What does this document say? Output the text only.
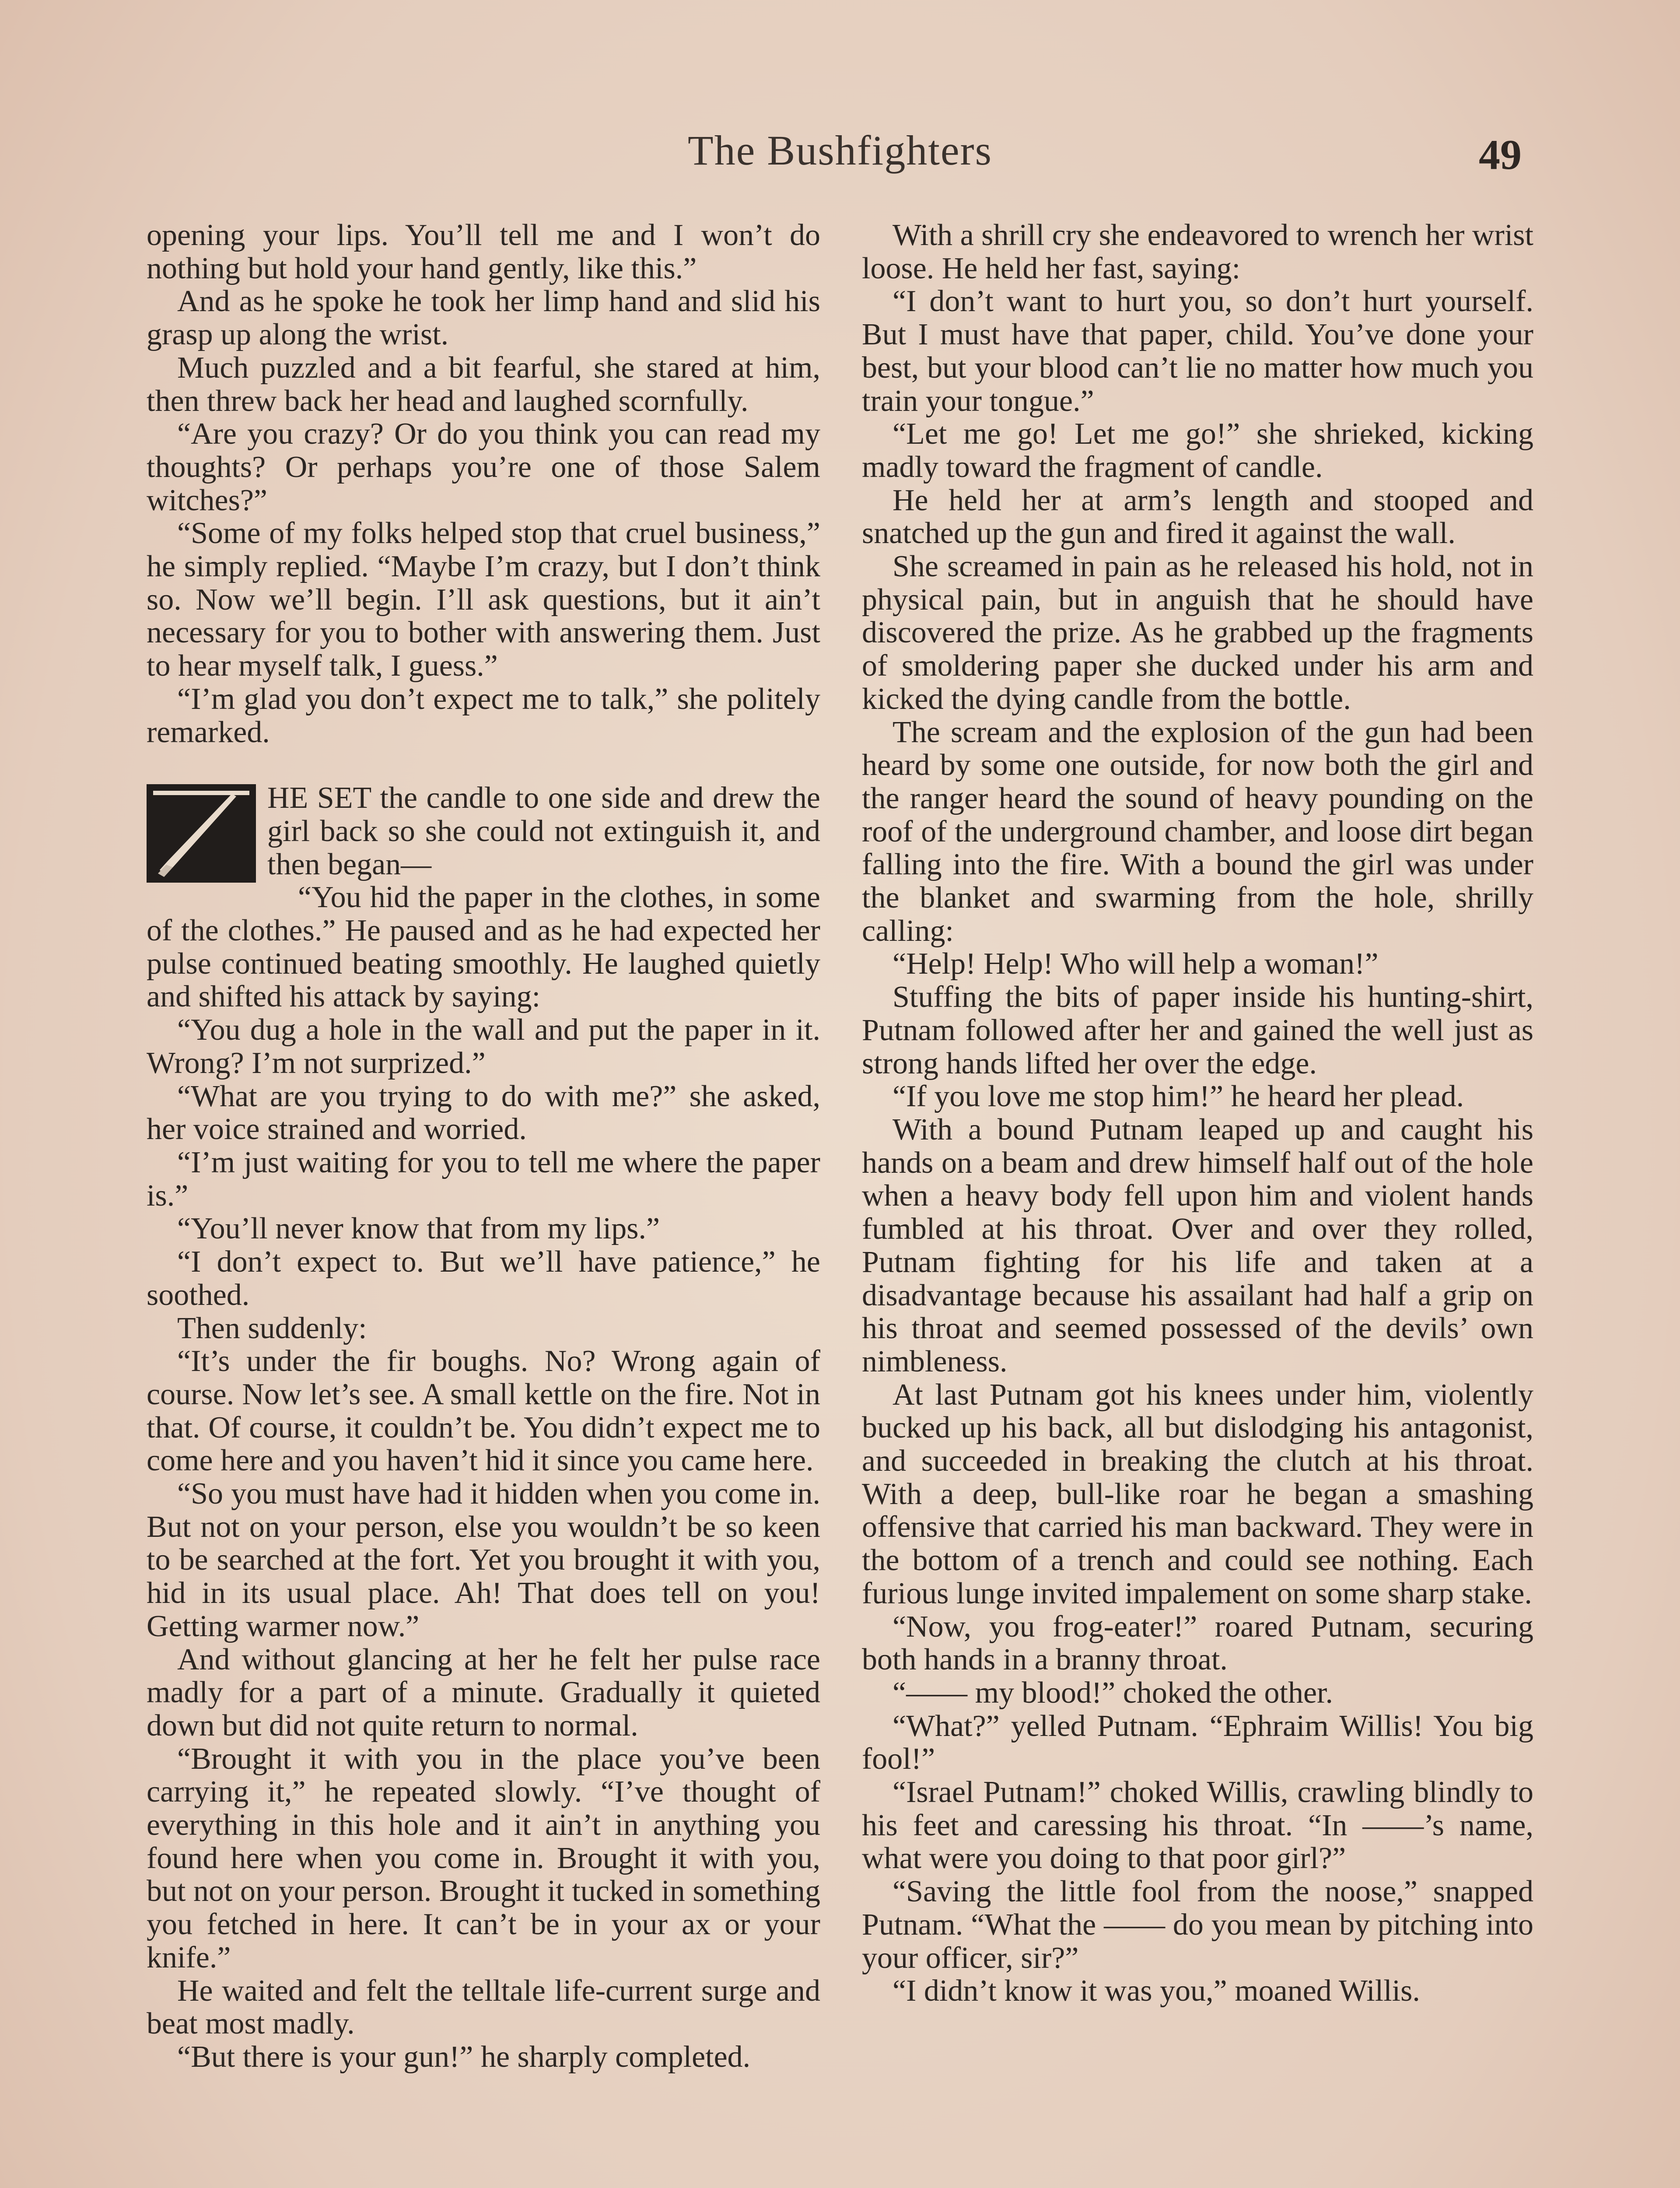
The Bushfighters	49

opening your lips. You’ll tell me and I won’t do nothing but hold your hand gently, like this.”

And as he spoke he took her limp hand and slid his grasp up along the wrist.

Much puzzled and a bit fearful, she stared at him, then threw back her head and laughed scornfully.

“Are you crazy? Or do you think you can read my thoughts? Or perhaps you’re one of those Salem witches?”

“Some of my folks helped stop that cruel business,” he simply replied. “Maybe I’m crazy, but I don’t think so. Now we’ll begin. I’ll ask questions, but it ain’t necessary for you to bother with answering them. Just to hear myself talk, I guess.”

“I’m glad you don’t expect me to talk,” she politely remarked.

HE SET the candle to one side and drew the girl back so she could not extinguish it, and then began—

“You hid the paper in the clothes, in some of the clothes.” He paused and as he had expected her pulse continued beating smoothly. He laughed quietly and shifted his attack by saying:

“You dug a hole in the wall and put the paper in it. Wrong? I’m not surprized.”

“What are you trying to do with me?” she asked, her voice strained and worried.

“I’m just waiting for you to tell me where the paper is.”

“You’ll never know that from my lips.”

“I don’t expect to. But we’ll have patience,” he soothed.

Then suddenly:

“It’s under the fir boughs. No? Wrong again of course. Now let’s see. A small kettle on the fire. Not in that. Of course, it couldn’t be. You didn’t expect me to come here and you haven’t hid it since you came here.

“So you must have had it hidden when you come in. But not on your person, else you wouldn’t be so keen to be searched at the fort. Yet you brought it with you, hid in its usual place. Ah! That does tell on you! Getting warmer now.”

And without glancing at her he felt her pulse race madly for a part of a minute. Gradually it quieted down but did not quite return to normal.

“Brought it with you in the place you’ve been carrying it,” he repeated slowly. “I’ve thought of everything in this hole and it ain’t in anything you found here when you come in. Brought it with you, but not on your person. Brought it tucked in something you fetched in here. It can’t be in your ax or your knife.”

He waited and felt the telltale life-current surge and beat most madly.

“But there is your gun!” he sharply completed.

With a shrill cry she endeavored to wrench her wrist loose. He held her fast, saying:

“I don’t want to hurt you, so don’t hurt yourself. But I must have that paper, child. You’ve done your best, but your blood can’t lie no matter how much you train your tongue.”

“Let me go! Let me go!” she shrieked, kicking madly toward the fragment of candle.

He held her at arm’s length and stooped and snatched up the gun and fired it against the wall.

She screamed in pain as he released his hold, not in physical pain, but in anguish that he should have discovered the prize. As he grabbed up the fragments of smoldering paper she ducked under his arm and kicked the dying candle from the bottle.

The scream and the explosion of the gun had been heard by some one outside, for now both the girl and the ranger heard the sound of heavy pounding on the roof of the underground chamber, and loose dirt began falling into the fire. With a bound the girl was under the blanket and swarming from the hole, shrilly calling:

“Help! Help! Who will help a woman!”

Stuffing the bits of paper inside his hunting-shirt, Putnam followed after her and gained the well just as strong hands lifted her over the edge.

“If you love me stop him!” he heard her plead.

With a bound Putnam leaped up and caught his hands on a beam and drew himself half out of the hole when a heavy body fell upon him and violent hands fumbled at his throat. Over and over they rolled, Putnam fighting for his life and taken at a disadvantage because his assailant had half a grip on his throat and seemed possessed of the devils’ own nimbleness.

At last Putnam got his knees under him, violently bucked up his back, all but dislodging his antagonist, and succeeded in breaking the clutch at his throat. With a deep, bull-like roar he began a smashing offensive that carried his man backward. They were in the bottom of a trench and could see nothing. Each furious lunge invited impalement on some sharp stake.

“Now, you frog-eater!” roared Putnam, securing both hands in a branny throat.

“—— my blood!” choked the other.

“What?” yelled Putnam. “Ephraim Willis! You big fool!”

“Israel Putnam!” choked Willis, crawling blindly to his feet and caressing his throat. “In ——’s name, what were you doing to that poor girl?”

“Saving the little fool from the noose,” snapped Putnam. “What the —— do you mean by pitching into your officer, sir?”

“I didn’t know it was you,” moaned Willis.
